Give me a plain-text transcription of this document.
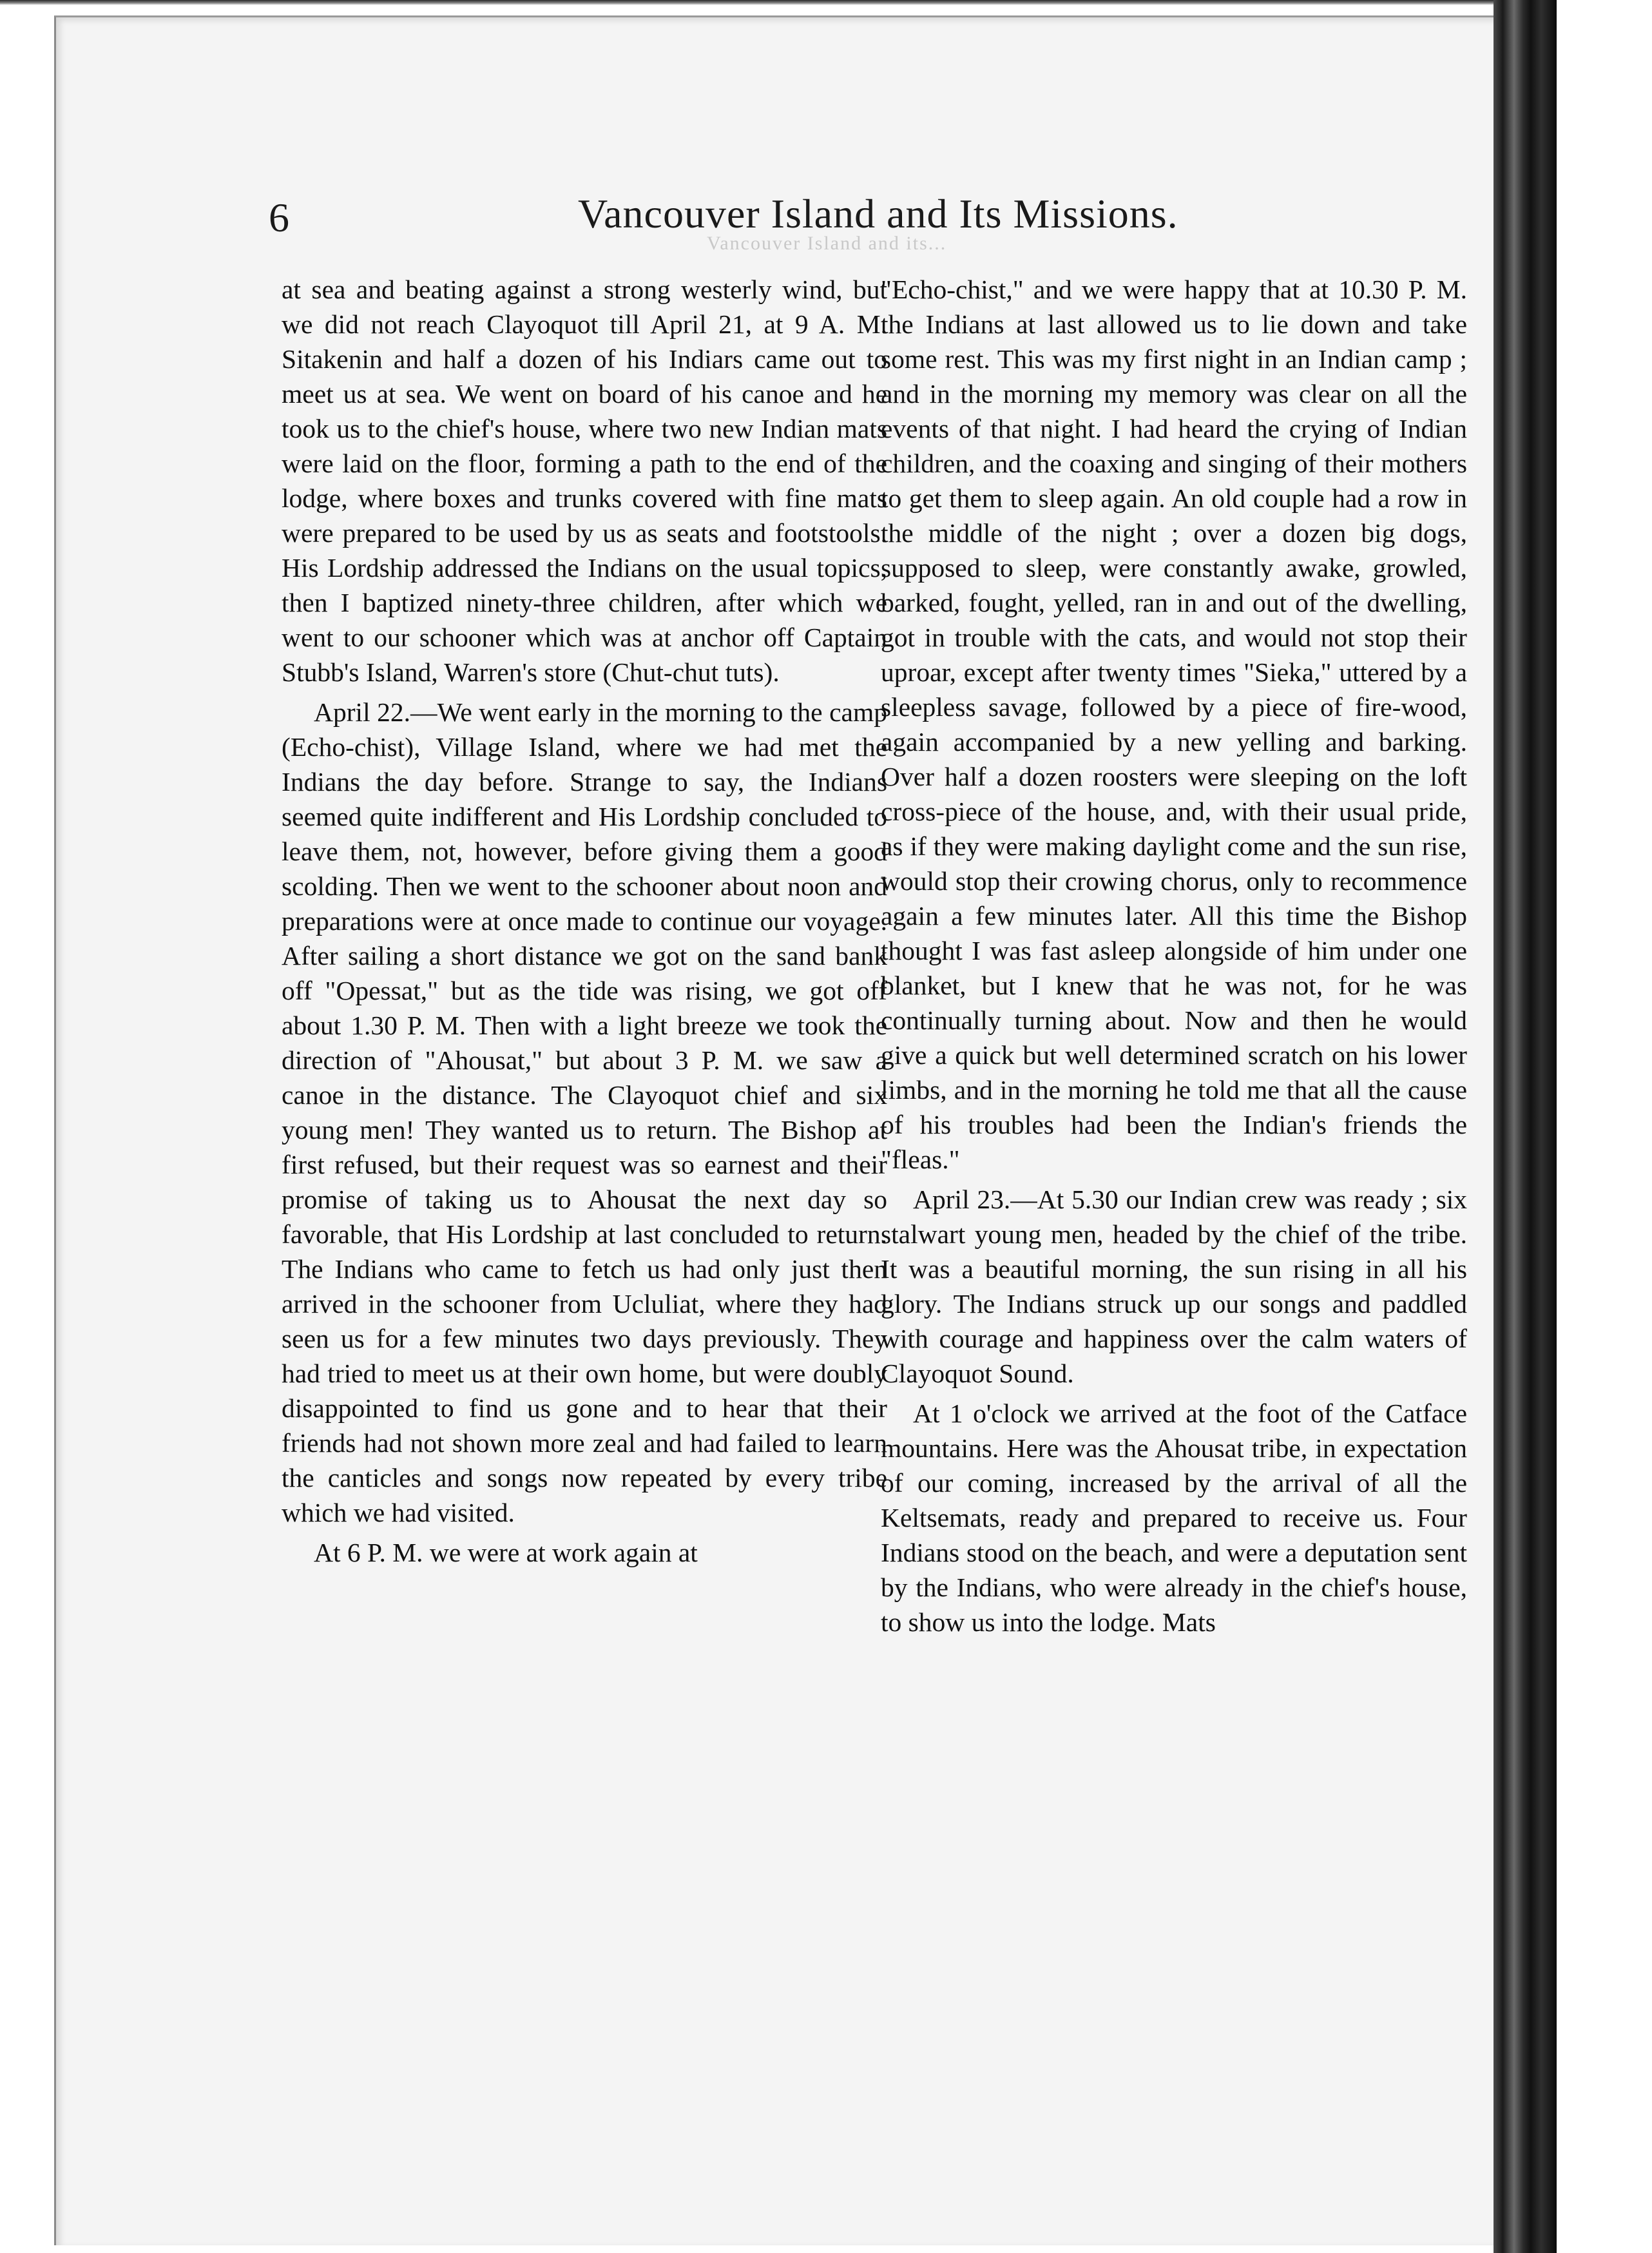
6	Vancouver Island and Its Missions.
Vancouver Island and its...

at sea and beating against a strong westerly wind, but we did not reach Clayoquot till April 21, at 9 A. M. Sitakenin and half a dozen of his Indiars came out to meet us at sea. We went on board of his canoe and he took us to the chief's house, where two new Indian mats were laid on the floor, forming a path to the end of the lodge, where boxes and trunks covered with fine mats were prepared to be used by us as seats and footstools. His Lordship addressed the Indians on the usual topics, then I baptized ninety-three children, after which we went to our schooner which was at anchor off Captain Stubb's Island, Warren's store (Chut-chut tuts).

April 22.—We went early in the morning to the camp (Echo-chist), Village Island, where we had met the Indians the day before. Strange to say, the Indians seemed quite indifferent and His Lordship concluded to leave them, not, however, before giving them a good scolding. Then we went to the schooner about noon and preparations were at once made to continue our voyage. After sailing a short distance we got on the sand bank off "Opessat," but as the tide was rising, we got off about 1.30 P. M. Then with a light breeze we took the direction of "Ahousat," but about 3 P. M. we saw a canoe in the distance. The Clayoquot chief and six young men! They wanted us to return. The Bishop at first refused, but their request was so earnest and their promise of taking us to Ahousat the next day so favorable, that His Lordship at last concluded to return. The Indians who came to fetch us had only just then arrived in the schooner from Ucluliat, where they had seen us for a few minutes two days previously. They had tried to meet us at their own home, but were doubly disappointed to find us gone and to hear that their friends had not shown more zeal and had failed to learn the canticles and songs now repeated by every tribe which we had visited.

At 6 P. M. we were at work again at

"Echo-chist," and we were happy that at 10.30 P. M. the Indians at last allowed us to lie down and take some rest. This was my first night in an Indian camp ; and in the morning my memory was clear on all the events of that night. I had heard the crying of Indian children, and the coaxing and singing of their mothers to get them to sleep again. An old couple had a row in the middle of the night ; over a dozen big dogs, supposed to sleep, were constantly awake, growled, barked, fought, yelled, ran in and out of the dwelling, got in trouble with the cats, and would not stop their uproar, except after twenty times "Sieka," uttered by a sleepless savage, followed by a piece of fire-wood, again accompanied by a new yelling and barking. Over half a dozen roosters were sleeping on the loft cross-piece of the house, and, with their usual pride, as if they were making daylight come and the sun rise, would stop their crowing chorus, only to recommence again a few minutes later. All this time the Bishop thought I was fast asleep alongside of him under one blanket, but I knew that he was not, for he was continually turning about. Now and then he would give a quick but well determined scratch on his lower limbs, and in the morning he told me that all the cause of his troubles had been the Indian's friends the "fleas."

April 23.—At 5.30 our Indian crew was ready ; six stalwart young men, headed by the chief of the tribe. It was a beautiful morning, the sun rising in all his glory. The Indians struck up our songs and paddled with courage and happiness over the calm waters of Clayoquot Sound.

At 1 o'clock we arrived at the foot of the Catface mountains. Here was the Ahousat tribe, in expectation of our coming, increased by the arrival of all the Keltsemats, ready and prepared to receive us. Four Indians stood on the beach, and were a deputation sent by the Indians, who were already in the chief's house, to show us into the lodge. Mats
